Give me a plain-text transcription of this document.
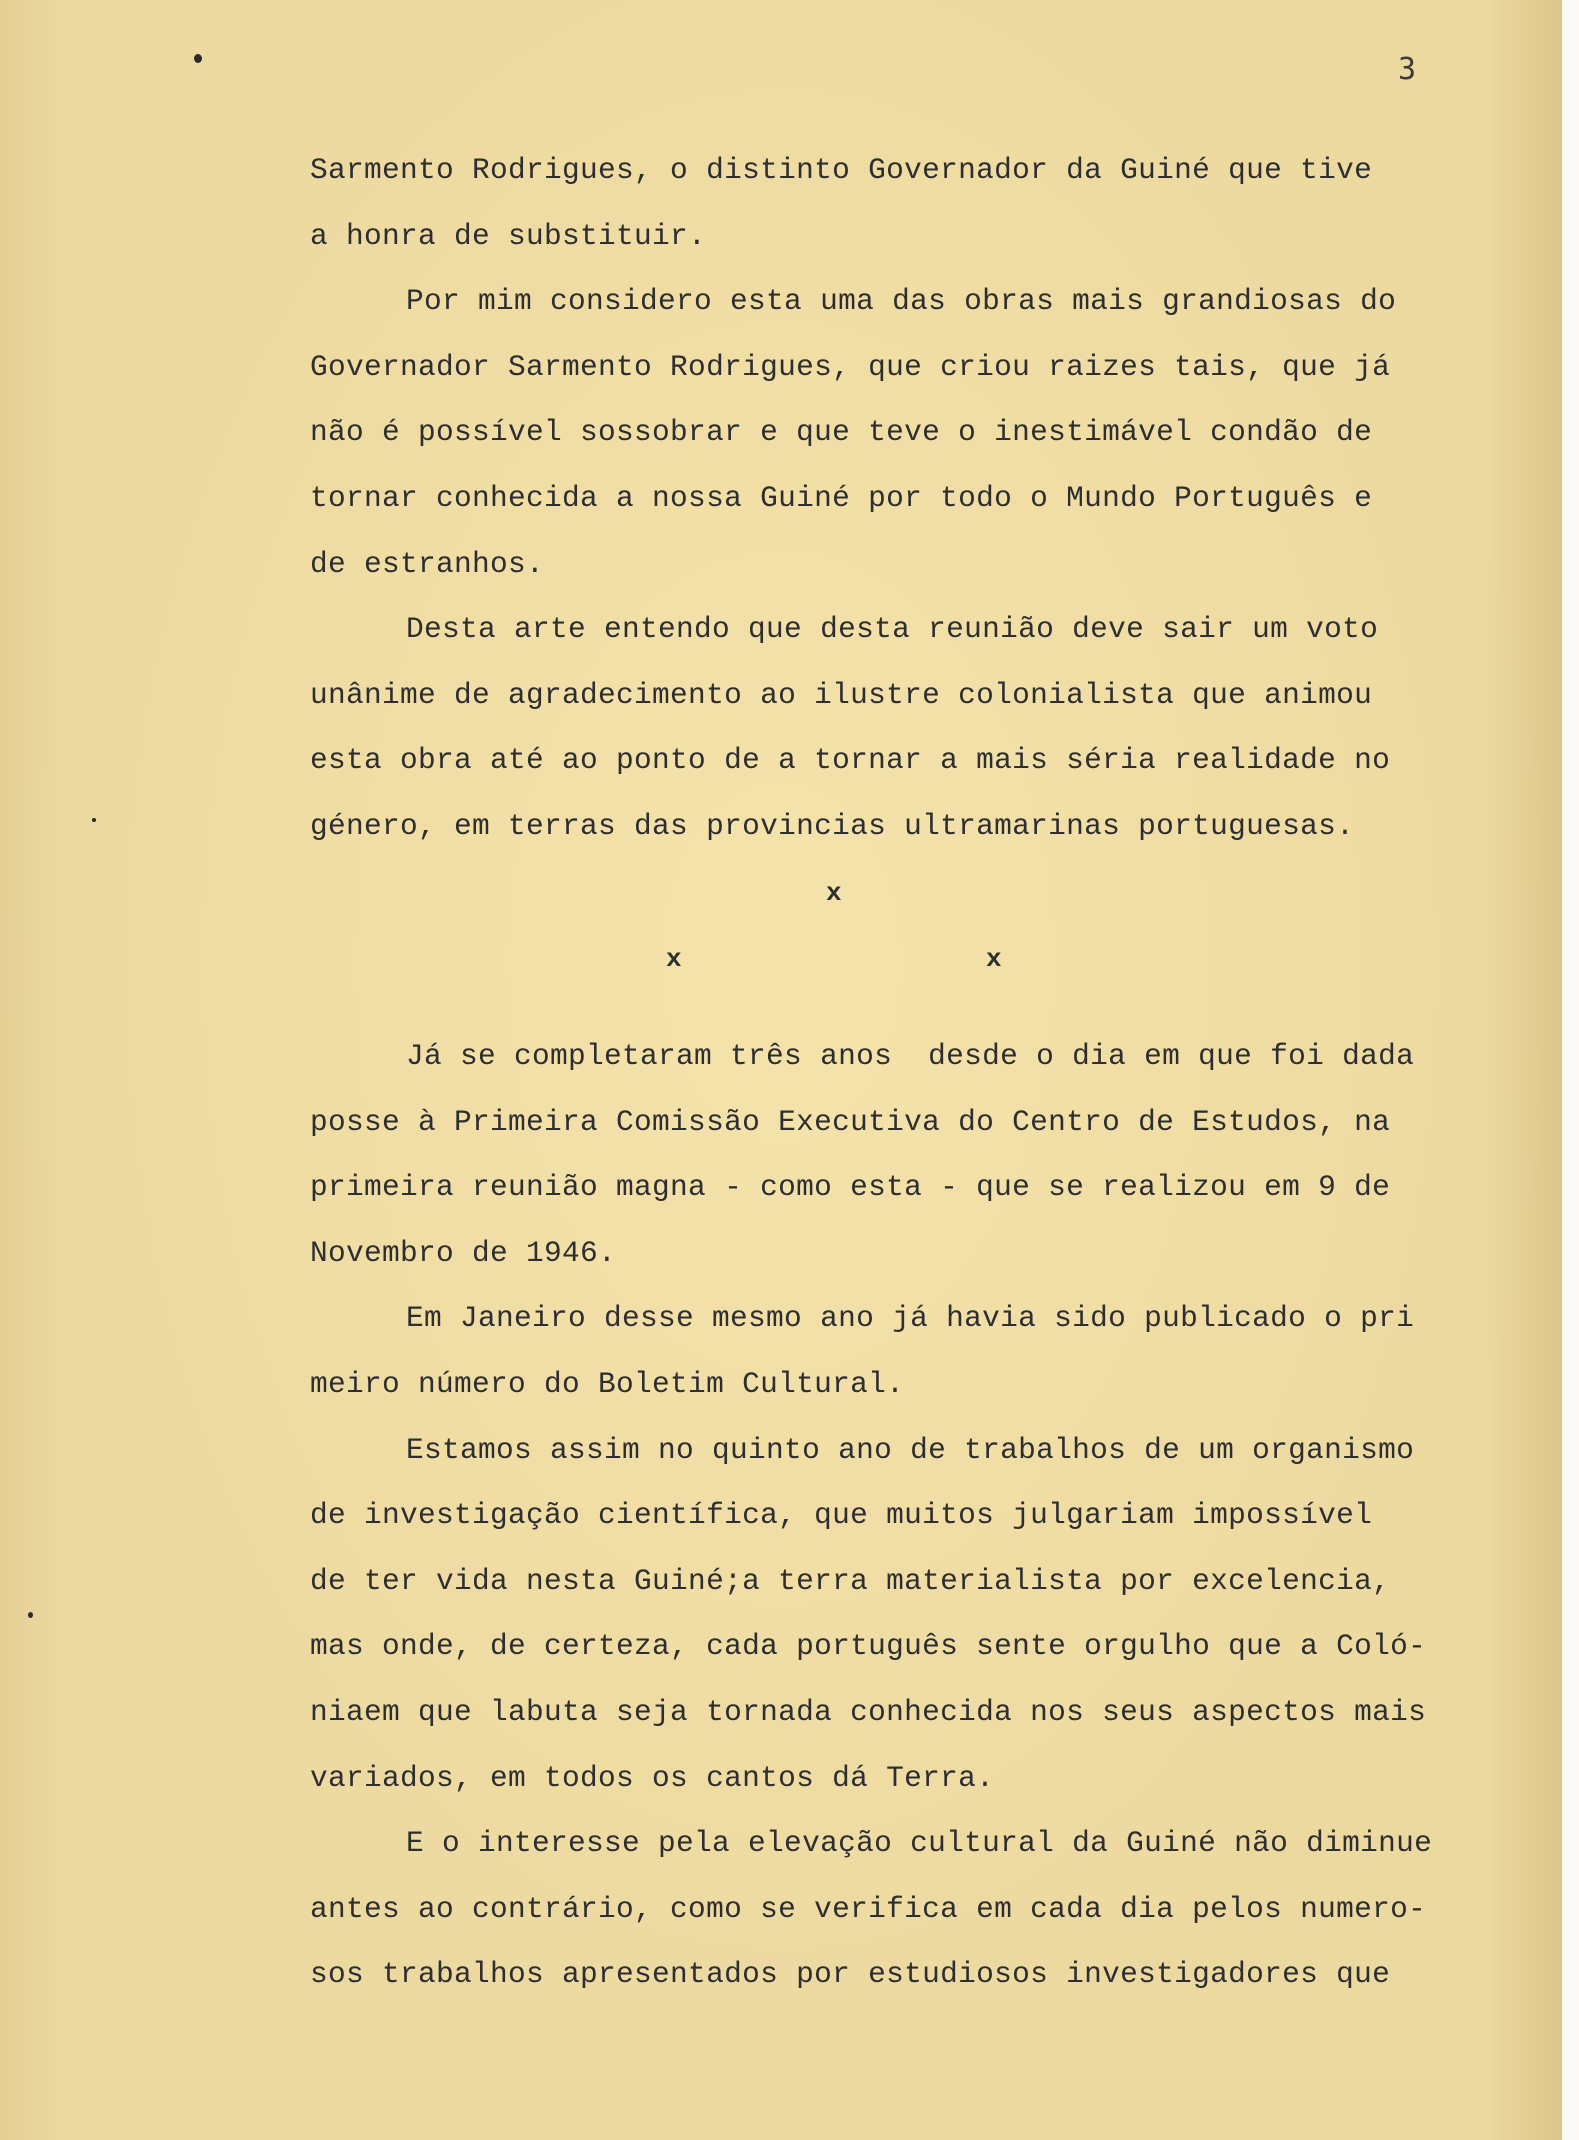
3
Sarmento Rodrigues, o distinto Governador da Guiné que tive
a honra de substituir.
Por mim considero esta uma das obras mais grandiosas do
Governador Sarmento Rodrigues, que criou raizes tais, que já
não é possível sossobrar e que teve o inestimável condão de
tornar conhecida a nossa Guiné por todo o Mundo Português e
de estranhos.
Desta arte entendo que desta reunião deve sair um voto
unânime de agradecimento ao ilustre colonialista que animou
esta obra até ao ponto de a tornar a mais séria realidade no
género, em terras das provincias ultramarinas portuguesas.
x
x	x
Já se completaram três anos  desde o dia em que foi dada
posse à Primeira Comissão Executiva do Centro de Estudos, na
primeira reunião magna - como esta - que se realizou em 9 de
Novembro de 1946.
Em Janeiro desse mesmo ano já havia sido publicado o pri
meiro número do Boletim Cultural.
Estamos assim no quinto ano de trabalhos de um organismo
de investigação científica, que muitos julgariam impossível
de ter vida nesta Guiné;a terra materialista por excelencia,
mas onde, de certeza, cada português sente orgulho que a Coló-
niaem que labuta seja tornada conhecida nos seus aspectos mais
variados, em todos os cantos dá Terra.
E o interesse pela elevação cultural da Guiné não diminue
antes ao contrário, como se verifica em cada dia pelos numero-
sos trabalhos apresentados por estudiosos investigadores que
